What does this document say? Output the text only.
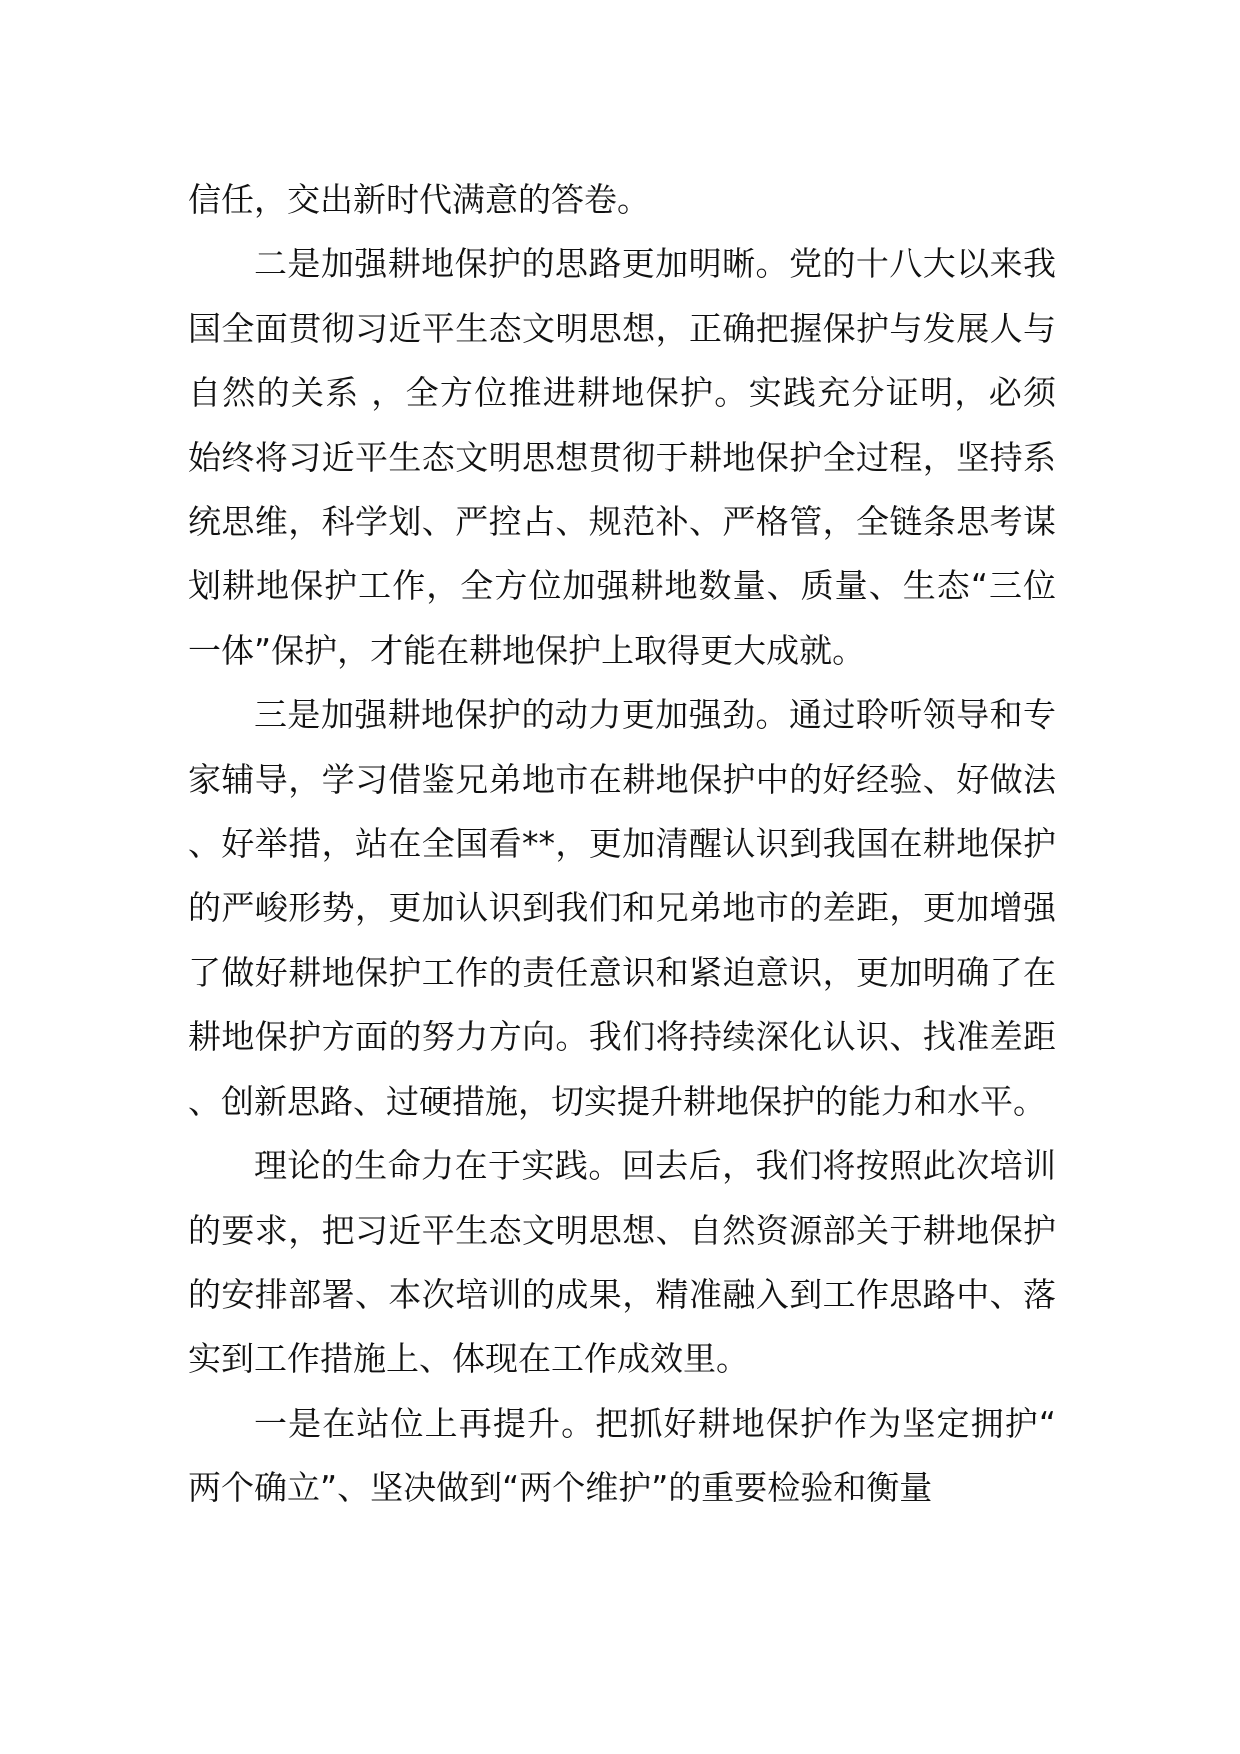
信任，交出新时代满意的答卷。

二是加强耕地保护的思路更加明晰。党的十八大以来我国全面贯彻习近平生态文明思想，正确把握保护与发展人与自然的关系 ，全方位推进耕地保护。实践充分证明，必须始终将习近平生态文明思想贯彻于耕地保护全过程，坚持系统思维，科学划、严控占、规范补、严格管，全链条思考谋划耕地保护工作，全方位加强耕地数量、质量、生态“三位一体”保护，才能在耕地保护上取得更大成就。

三是加强耕地保护的动力更加强劲。通过聆听领导和专家辅导，学习借鉴兄弟地市在耕地保护中的好经验、好做法、好举措，站在全国看**，更加清醒认识到我国在耕地保护的严峻形势，更加认识到我们和兄弟地市的差距，更加增强了做好耕地保护工作的责任意识和紧迫意识，更加明确了在耕地保护方面的努力方向。我们将持续深化认识、找准差距、创新思路、过硬措施，切实提升耕地保护的能力和水平。

理论的生命力在于实践。回去后，我们将按照此次培训的要求，把习近平生态文明思想、自然资源部关于耕地保护的安排部署、本次培训的成果，精准融入到工作思路中、落实到工作措施上、体现在工作成效里。

一是在站位上再提升。把抓好耕地保护作为坚定拥护“两个确立”、坚决做到“两个维护”的重要检验和衡量
